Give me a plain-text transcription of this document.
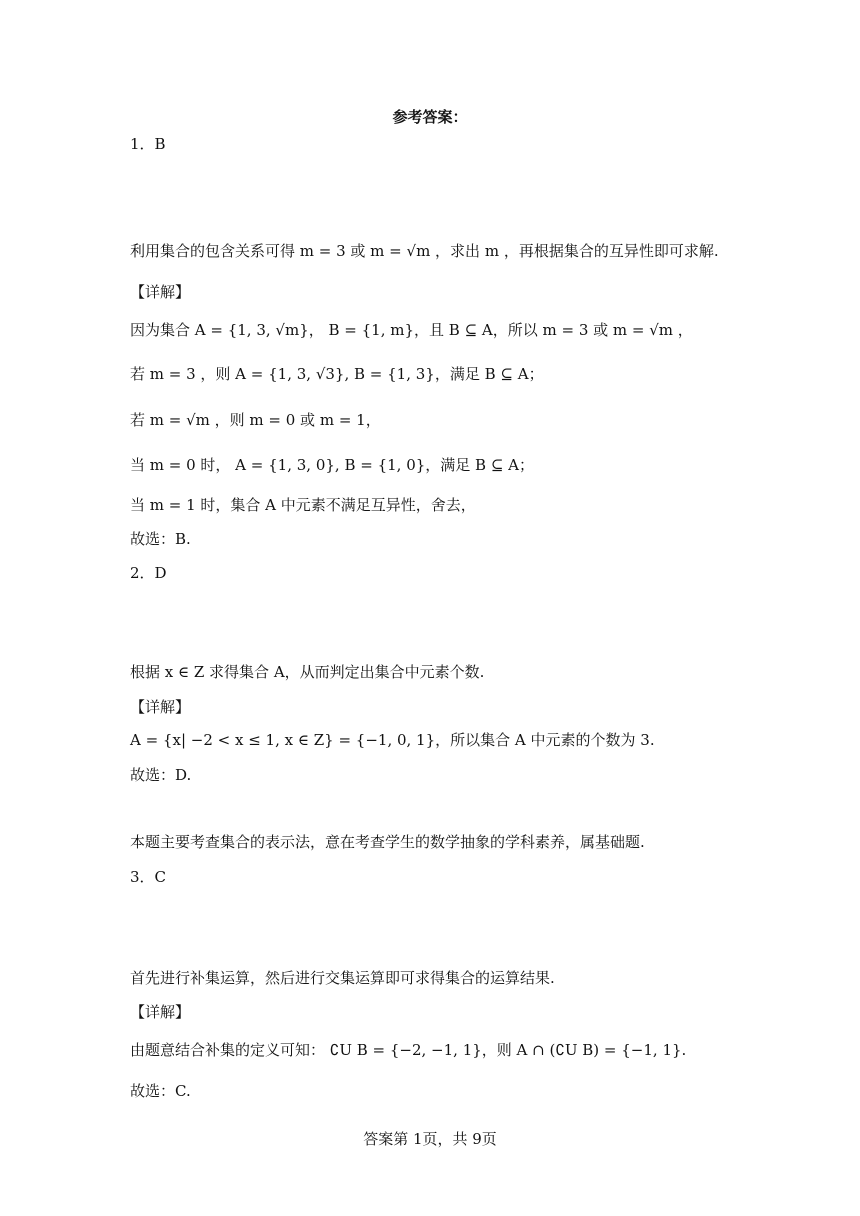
参考答案：
1．B
利用集合的包含关系可得 m = 3 或 m = √m ，求出 m ，再根据集合的互异性即可求解.
【详解】
因为集合 A = {1, 3, √m}， B = {1, m}，且 B ⊆ A，所以 m = 3 或 m = √m ，
若 m = 3 ，则 A = {1, 3, √3}, B = {1, 3}，满足 B ⊆ A；
若 m = √m ，则 m = 0 或 m = 1，
当 m = 0 时， A = {1, 3, 0}, B = {1, 0}，满足 B ⊆ A；
当 m = 1 时，集合 A 中元素不满足互异性，舍去，
故选：B.
2．D
根据 x ∈ Z 求得集合 A，从而判定出集合中元素个数.
【详解】
A = {x| −2 < x ≤ 1, x ∈ Z} = {−1, 0, 1}，所以集合 A 中元素的个数为 3.
故选：D.
本题主要考查集合的表示法，意在考查学生的数学抽象的学科素养，属基础题.
3．C
首先进行补集运算，然后进行交集运算即可求得集合的运算结果.
【详解】
由题意结合补集的定义可知： ∁U B = {−2, −1, 1}，则 A ∩ (∁U B) = {−1, 1}.
故选：C.
答案第 1页，共 9页
